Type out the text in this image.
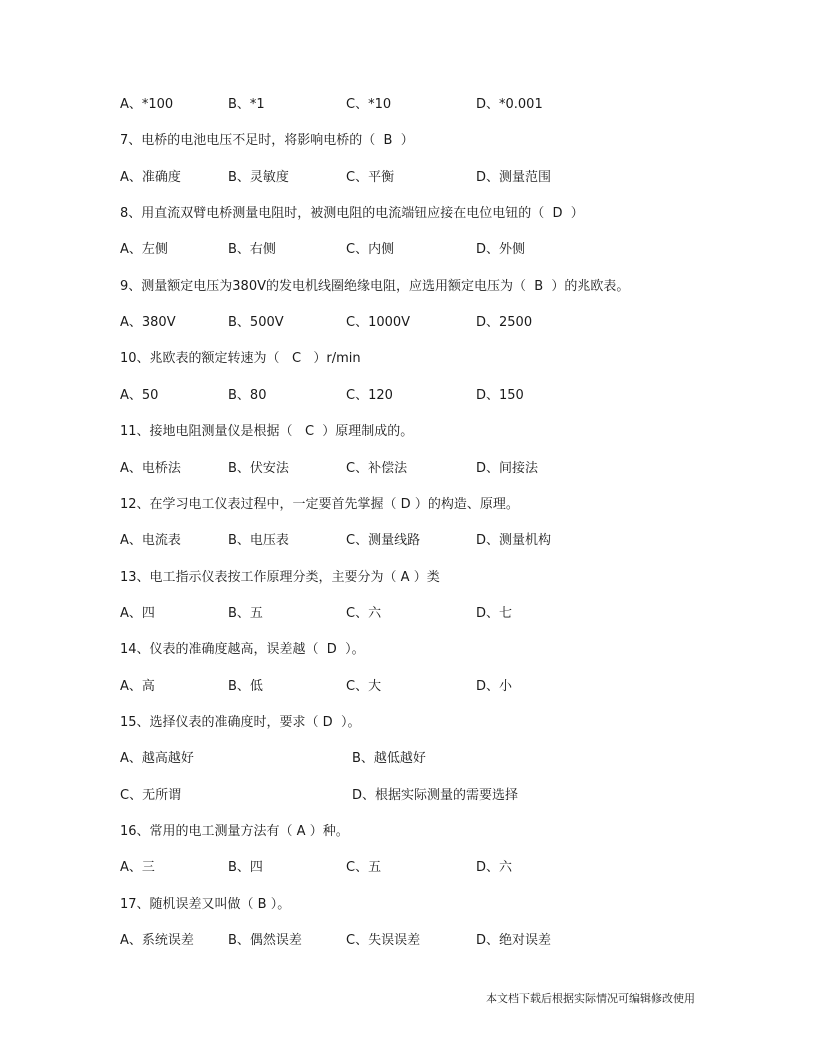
A、*100	B、*1	C、*10	D、*0.001
7、电桥的电池电压不足时，将影响电桥的（  B  ）
A、准确度	B、灵敏度	C、平衡	D、测量范围
8、用直流双臂电桥测量电阻时，被测电阻的电流端钮应接在电位电钮的（  D  ）
A、左侧	B、右侧	C、内侧	D、外侧
9、测量额定电压为380V的发电机线圈绝缘电阻，应选用额定电压为（  B  ）的兆欧表。
A、380V	B、500V	C、1000V	D、2500
10、兆欧表的额定转速为（   C   ）r/min
A、50	B、80	C、120	D、150
11、接地电阻测量仪是根据（   C  ）原理制成的。
A、电桥法	B、伏安法	C、补偿法	D、间接法
12、在学习电工仪表过程中，一定要首先掌握（ D ）的构造、原理。
A、电流表	B、电压表	C、测量线路	D、测量机构
13、电工指示仪表按工作原理分类，主要分为（ A ）类
A、四	B、五	C、六	D、七
14、仪表的准确度越高，误差越（  D  ）。
A、高	B、低	C、大	D、小
15、选择仪表的准确度时，要求（ D  ）。
A、越高越好	B、越低越好
C、无所谓	D、根据实际测量的需要选择
16、常用的电工测量方法有（ A ）种。
A、三	B、四	C、五	D、六
17、随机误差又叫做（ B ）。
A、系统误差	B、偶然误差	C、失误误差	D、绝对误差
本文档下载后根据实际情况可编辑修改使用
